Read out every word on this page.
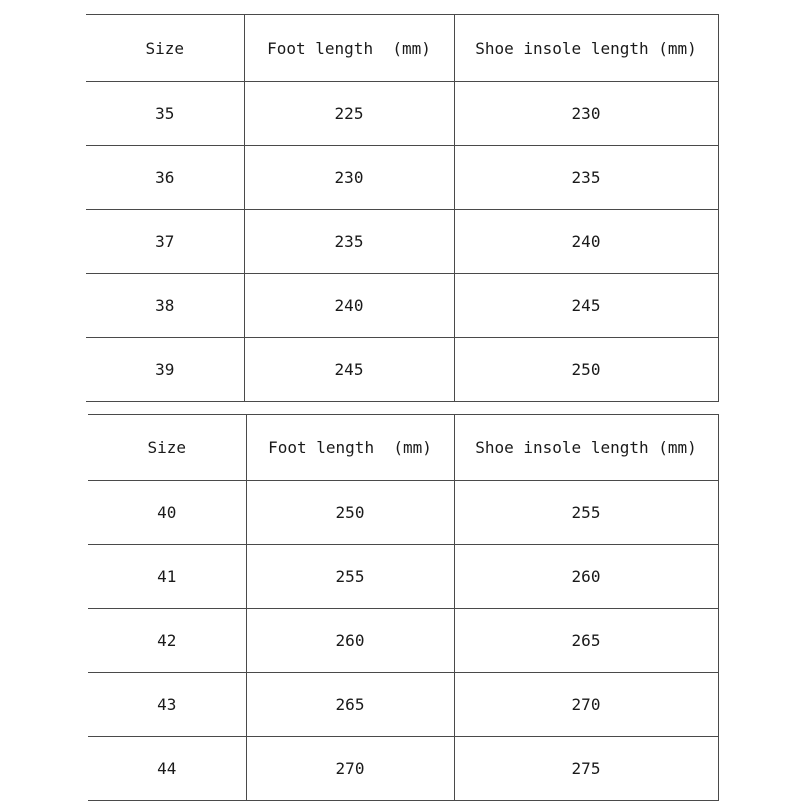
Size	Foot length  (mm)	Shoe insole length (mm)
35	225	230
36	230	235
37	235	240
38	240	245
39	245	250
Size	Foot length  (mm)	Shoe insole length (mm)
40	250	255
41	255	260
42	260	265
43	265	270
44	270	275
